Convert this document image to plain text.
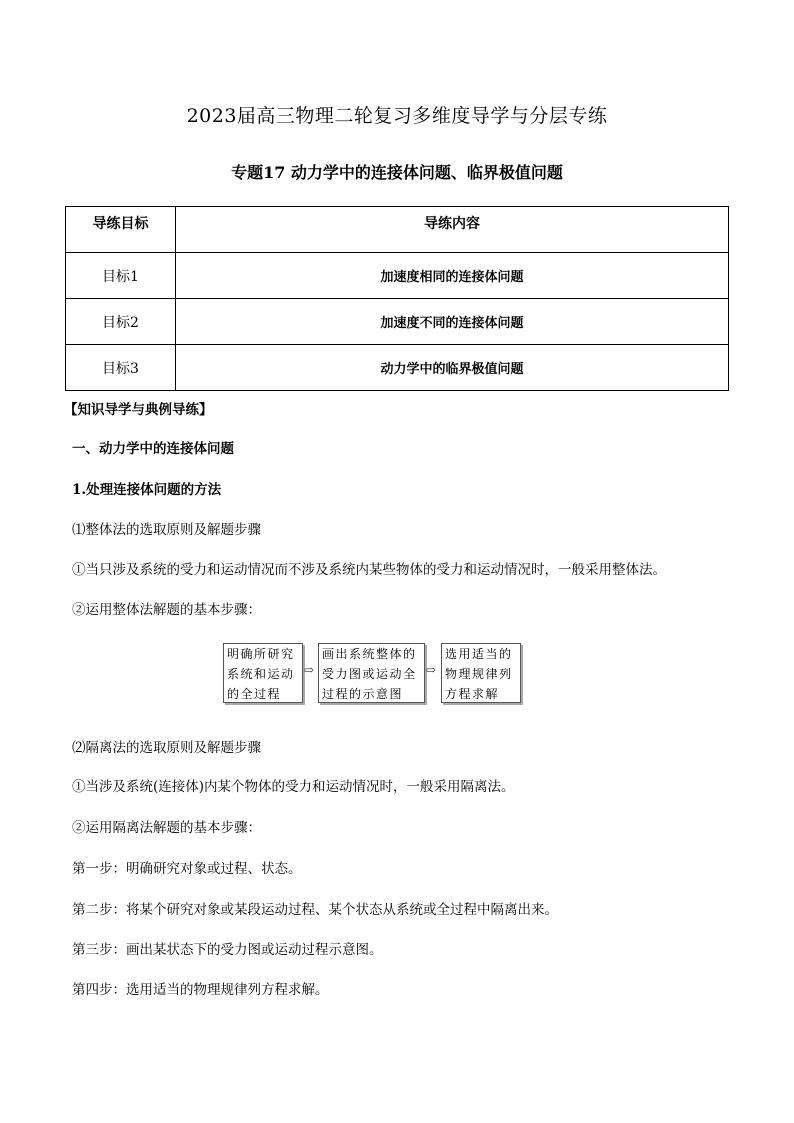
2023届高三物理二轮复习多维度导学与分层专练
专题17 动力学中的连接体问题、临界极值问题
导练目标	导练内容
目标1	加速度相同的连接体问题
目标2	加速度不同的连接体问题
目标3	动力学中的临界极值问题
【知识导学与典例导练】
一、动力学中的连接体问题
1.处理连接体问题的方法
⑴整体法的选取原则及解题步骤
①当只涉及系统的受力和运动情况而不涉及系统内某些物体的受力和运动情况时，一般采用整体法。
②运用整体法解题的基本步骤：
明确所研究
系统和运动
的全过程
⇨
画出系统整体的
受力图或运动全
过程的示意图
⇨
选用适当的
物理规律列
方程求解
⑵隔离法的选取原则及解题步骤
①当涉及系统(连接体)内某个物体的受力和运动情况时，一般采用隔离法。
②运用隔离法解题的基本步骤：
第一步：明确研究对象或过程、状态。
第二步：将某个研究对象或某段运动过程、某个状态从系统或全过程中隔离出来。
第三步：画出某状态下的受力图或运动过程示意图。
第四步：选用适当的物理规律列方程求解。
